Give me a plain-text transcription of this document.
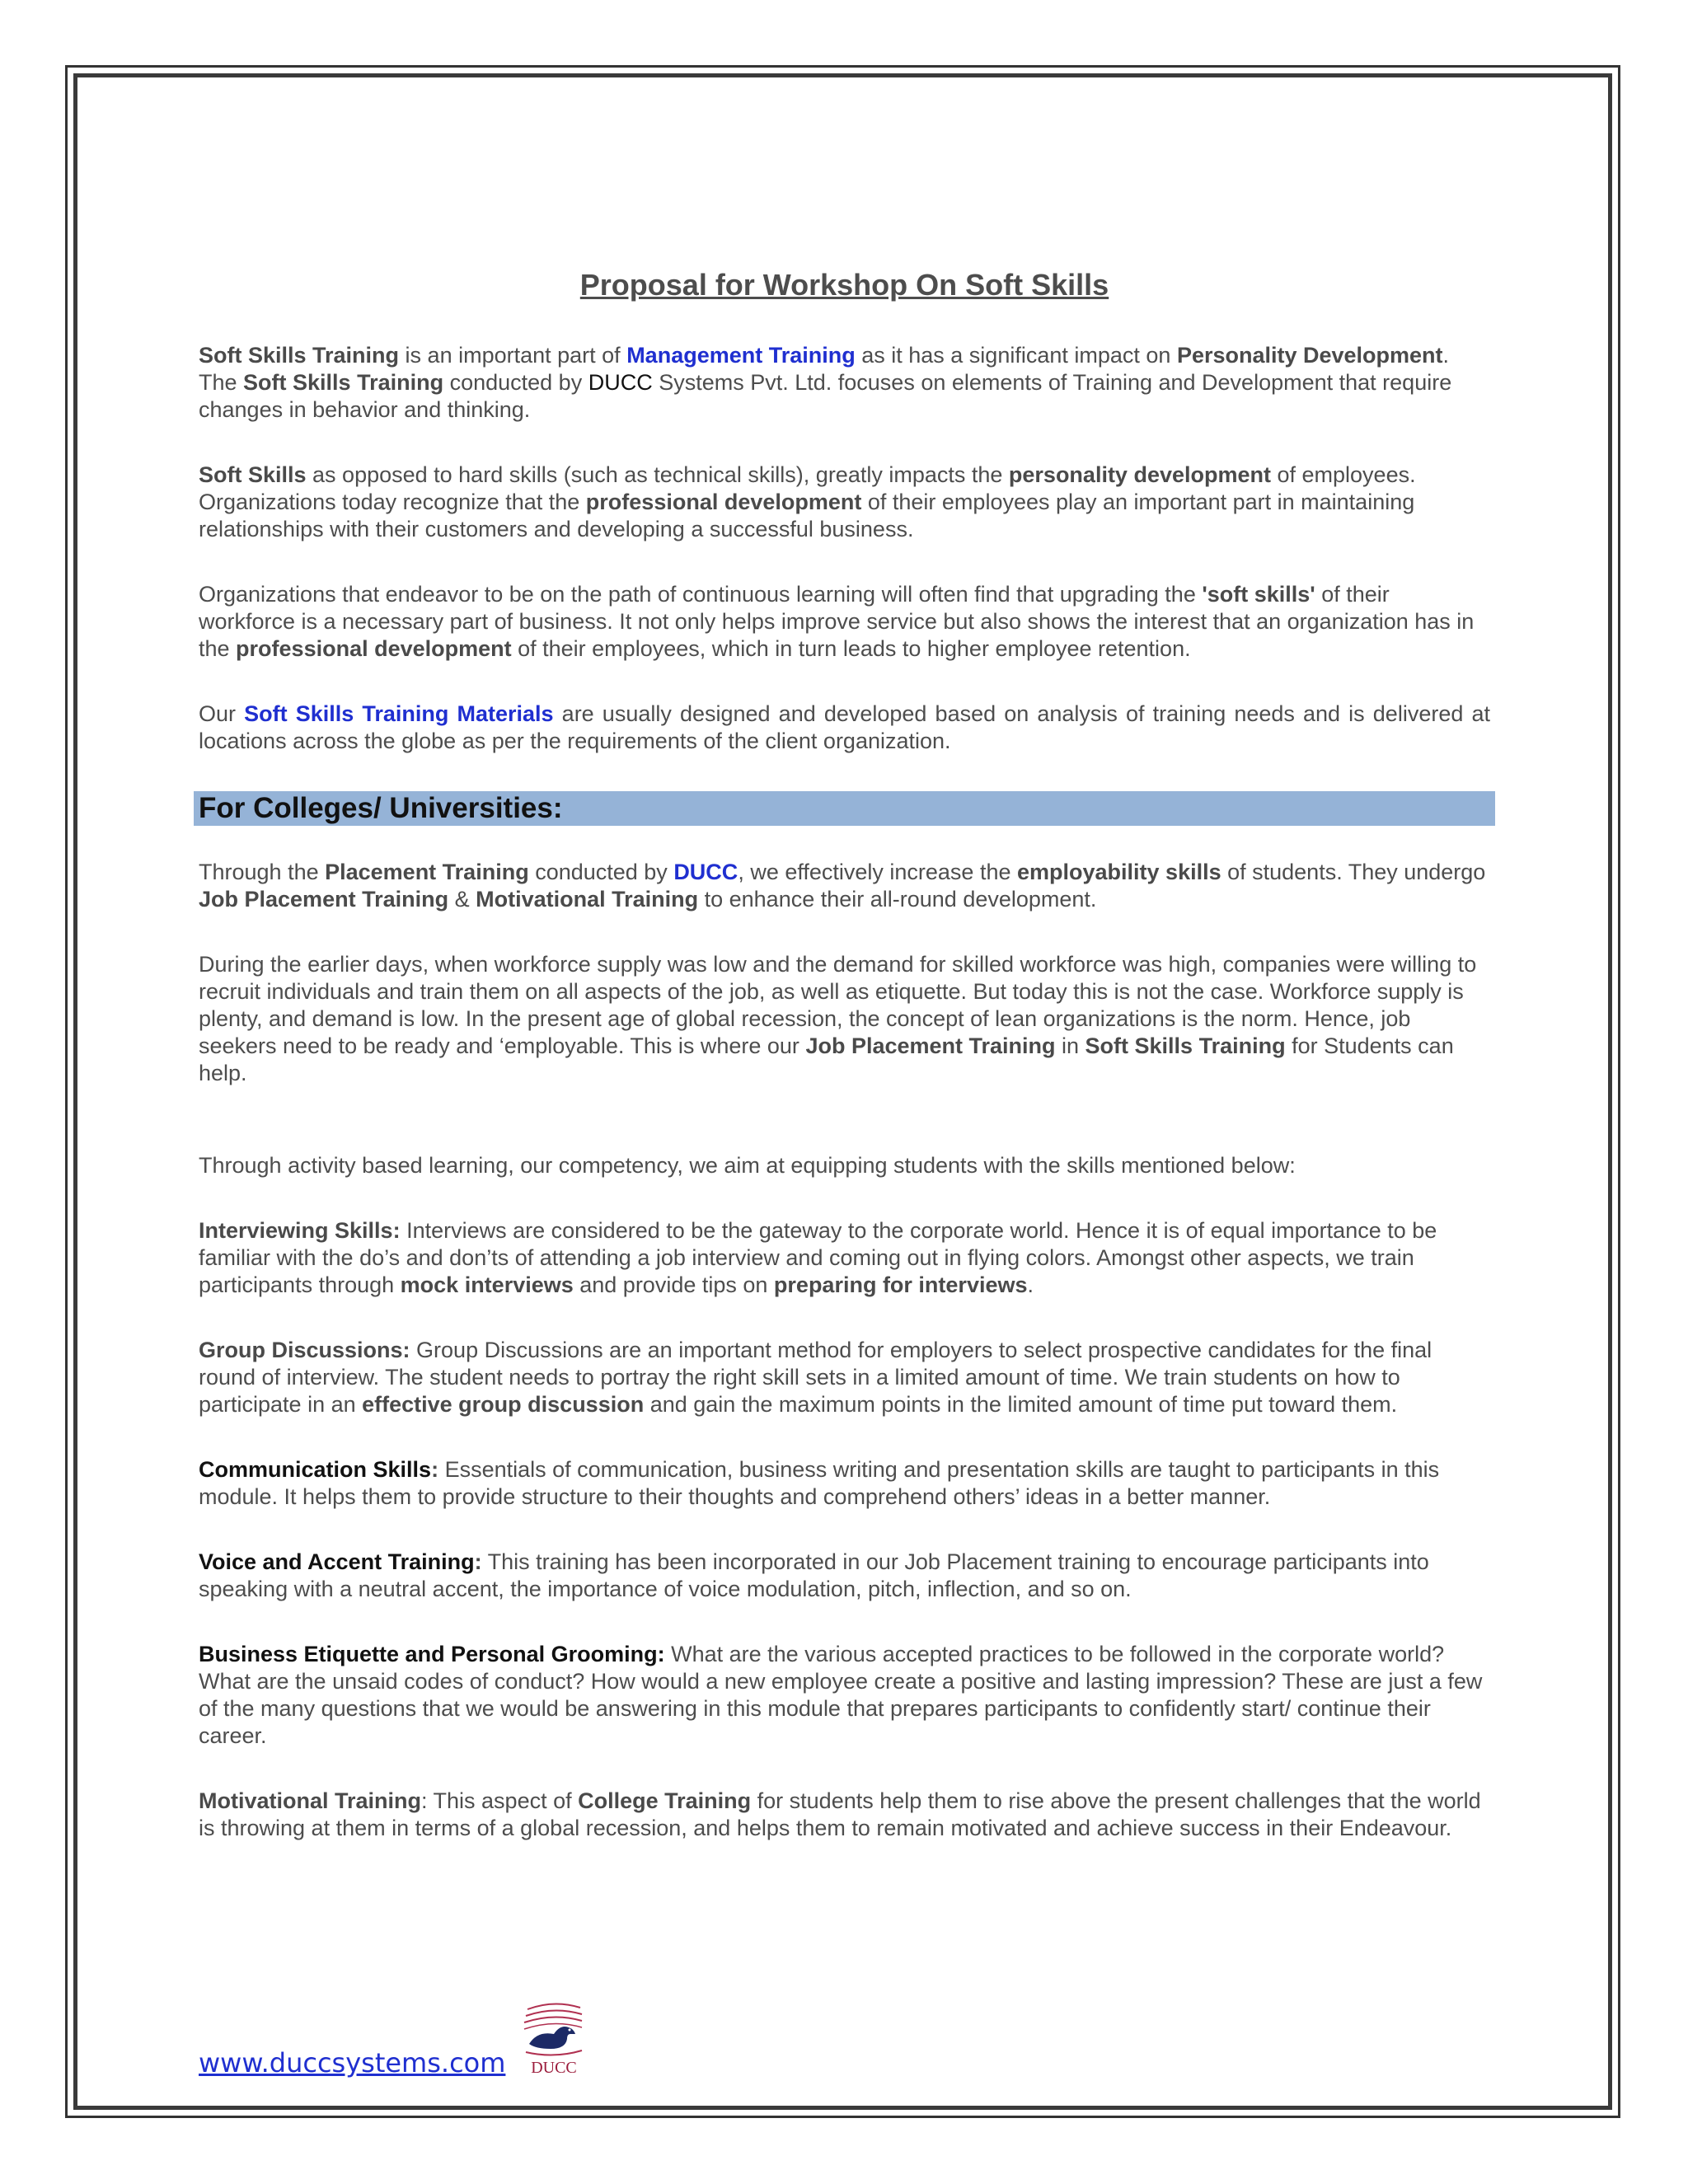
Proposal for Workshop On Soft Skills

Soft Skills Training is an important part of Management Training as it has a significant impact on Personality Development. The Soft Skills Training conducted by DUCC Systems Pvt. Ltd. focuses on elements of Training and Development that require changes in behavior and thinking.

Soft Skills as opposed to hard skills (such as technical skills), greatly impacts the personality development of employees. Organizations today recognize that the professional development of their employees play an important part in maintaining relationships with their customers and developing a successful business.

Organizations that endeavor to be on the path of continuous learning will often find that upgrading the 'soft skills' of their workforce is a necessary part of business. It not only helps improve service but also shows the interest that an organization has in the professional development of their employees, which in turn leads to higher employee retention.

Our Soft Skills Training Materials are usually designed and developed based on analysis of training needs and is delivered at locations across the globe as per the requirements of the client organization.

For Colleges/ Universities:

Through the Placement Training conducted by DUCC, we effectively increase the employability skills of students. They undergo Job Placement Training & Motivational Training to enhance their all-round development.

During the earlier days, when workforce supply was low and the demand for skilled workforce was high, companies were willing to recruit individuals and train them on all aspects of the job, as well as etiquette. But today this is not the case. Workforce supply is plenty, and demand is low. In the present age of global recession, the concept of lean organizations is the norm. Hence, job seekers need to be ready and ‘employable. This is where our Job Placement Training in Soft Skills Training for Students can help.

Through activity based learning, our competency, we aim at equipping students with the skills mentioned below:

Interviewing Skills: Interviews are considered to be the gateway to the corporate world. Hence it is of equal importance to be familiar with the do’s and don’ts of attending a job interview and coming out in flying colors. Amongst other aspects, we train participants through mock interviews and provide tips on preparing for interviews.

Group Discussions: Group Discussions are an important method for employers to select prospective candidates for the final round of interview. The student needs to portray the right skill sets in a limited amount of time. We train students on how to participate in an effective group discussion and gain the maximum points in the limited amount of time put toward them.

Communication Skills: Essentials of communication, business writing and presentation skills are taught to participants in this module. It helps them to provide structure to their thoughts and comprehend others’ ideas in a better manner.

Voice and Accent Training: This training has been incorporated in our Job Placement training to encourage participants into speaking with a neutral accent, the importance of voice modulation, pitch, inflection, and so on.

Business Etiquette and Personal Grooming: What are the various accepted practices to be followed in the corporate world? What are the unsaid codes of conduct? How would a new employee create a positive and lasting impression? These are just a few of the many questions that we would be answering in this module that prepares participants to confidently start/ continue their career.

Motivational Training: This aspect of College Training for students help them to rise above the present challenges that the world is throwing at them in terms of a global recession, and helps them to remain motivated and achieve success in their Endeavour.

www.duccsystems.com	DUCC
